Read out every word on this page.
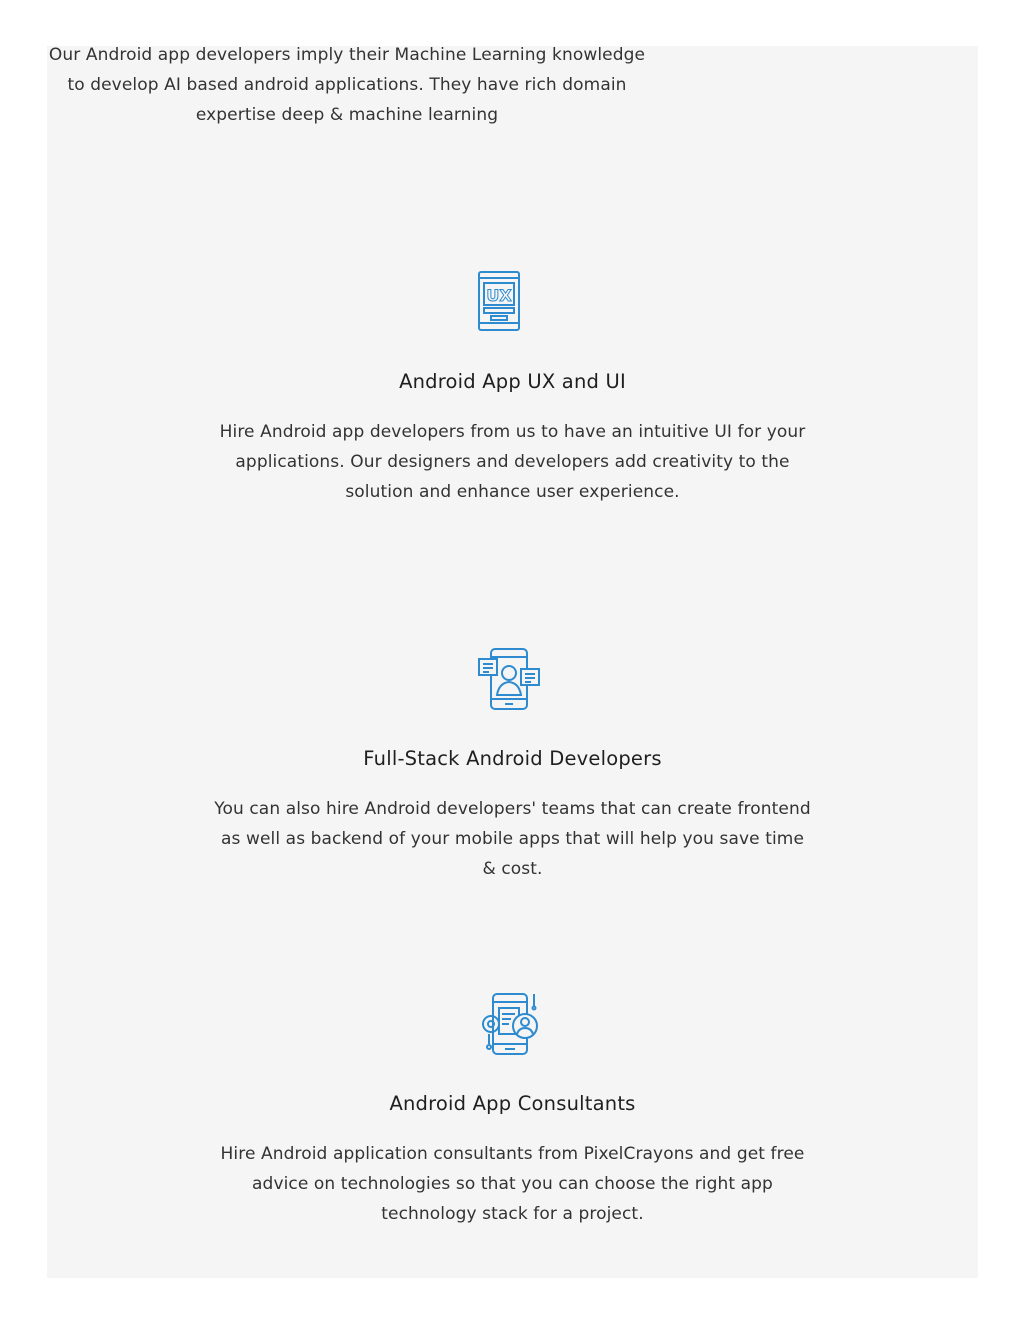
Our Android app developers imply their Machine Learning knowledge to develop AI based android applications. They have rich domain expertise deep & machine learning

UX
Android App UX and UI

Hire Android app developers from us to have an intuitive UI for your applications. Our designers and developers add creativity to the solution and enhance user experience.

Full-Stack Android Developers

You can also hire Android developers' teams that can create frontend as well as backend of your mobile apps that will help you save time & cost.

Android App Consultants

Hire Android application consultants from PixelCrayons and get free advice on technologies so that you can choose the right app technology stack for a project.
